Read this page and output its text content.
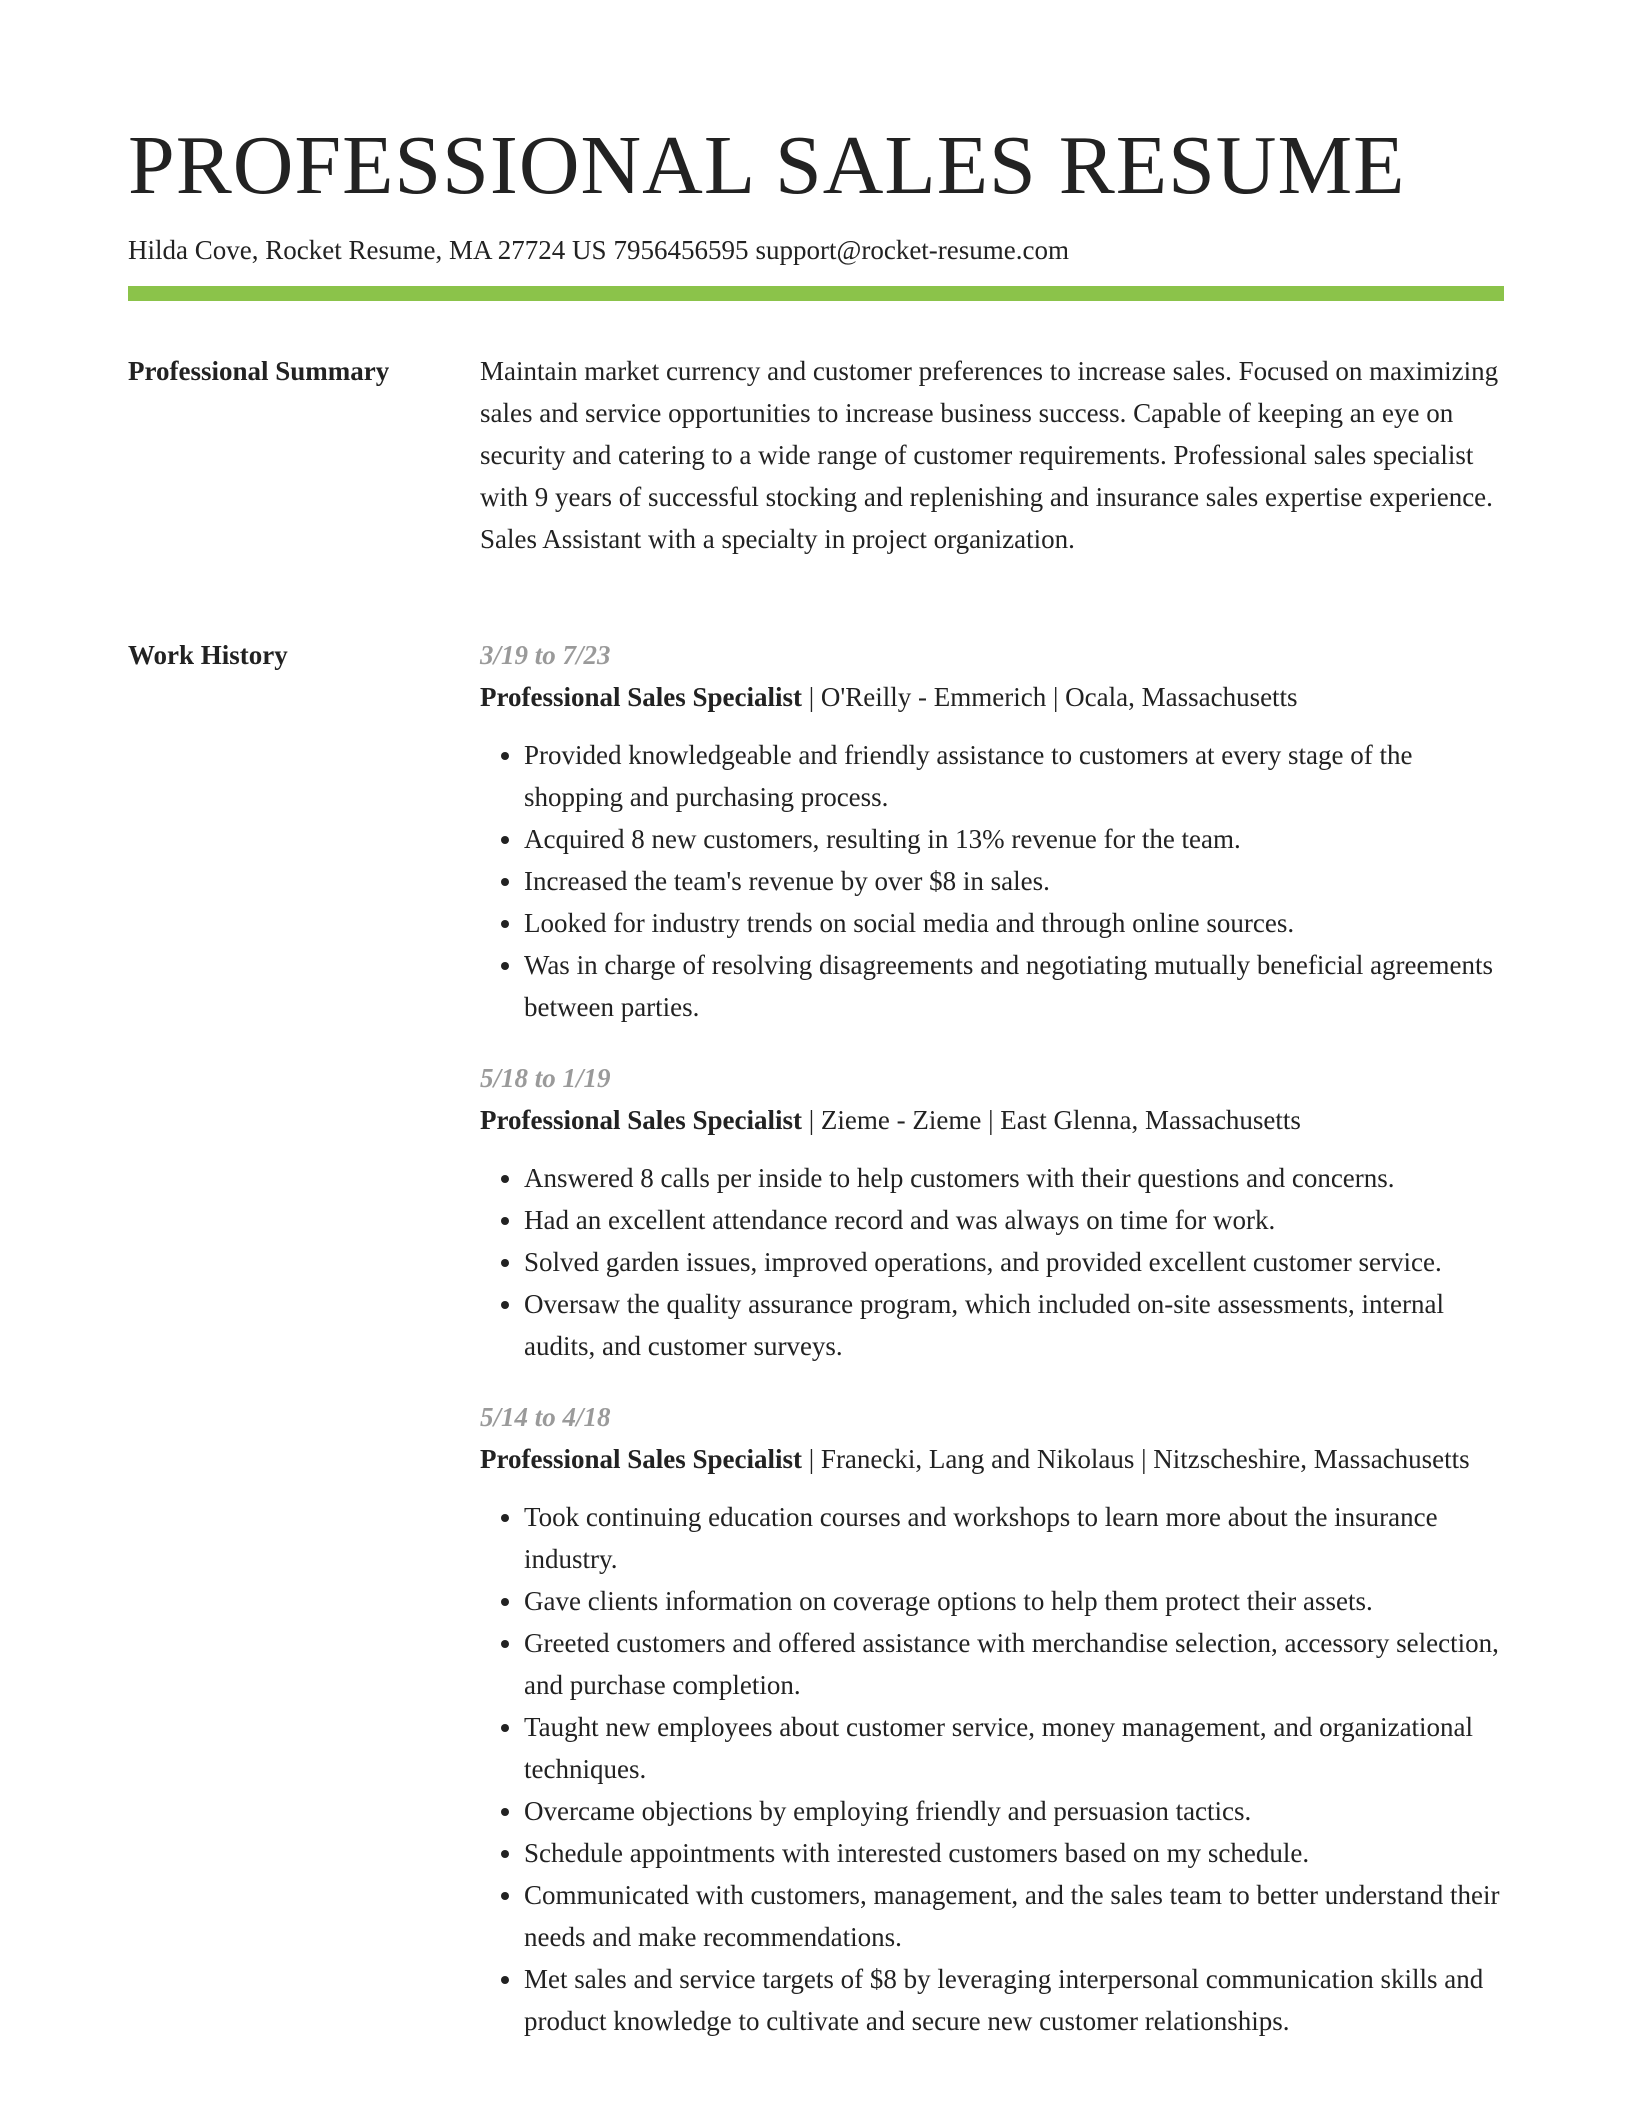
PROFESSIONAL SALES RESUME
Hilda Cove, Rocket Resume, MA 27724 US 7956456595 support@rocket-resume.com
Professional Summary	Maintain market currency and customer preferences to increase sales. Focused on maximizing sales and service opportunities to increase business success. Capable of keeping an eye on security and catering to a wide range of customer requirements. Professional sales specialist with 9 years of successful stocking and replenishing and insurance sales expertise experience. Sales Assistant with a specialty in project organization.
Work History	3/19 to 7/23
Professional Sales Specialist | O'Reilly - Emmerich | Ocala, Massachusetts
• Provided knowledgeable and friendly assistance to customers at every stage of the shopping and purchasing process.
• Acquired 8 new customers, resulting in 13% revenue for the team.
• Increased the team's revenue by over $8 in sales.
• Looked for industry trends on social media and through online sources.
• Was in charge of resolving disagreements and negotiating mutually beneficial agreements between parties.
5/18 to 1/19
Professional Sales Specialist | Zieme - Zieme | East Glenna, Massachusetts
• Answered 8 calls per inside to help customers with their questions and concerns.
• Had an excellent attendance record and was always on time for work.
• Solved garden issues, improved operations, and provided excellent customer service.
• Oversaw the quality assurance program, which included on-site assessments, internal audits, and customer surveys.
5/14 to 4/18
Professional Sales Specialist | Franecki, Lang and Nikolaus | Nitzscheshire, Massachusetts
• Took continuing education courses and workshops to learn more about the insurance industry.
• Gave clients information on coverage options to help them protect their assets.
• Greeted customers and offered assistance with merchandise selection, accessory selection, and purchase completion.
• Taught new employees about customer service, money management, and organizational techniques.
• Overcame objections by employing friendly and persuasion tactics.
• Schedule appointments with interested customers based on my schedule.
• Communicated with customers, management, and the sales team to better understand their needs and make recommendations.
• Met sales and service targets of $8 by leveraging interpersonal communication skills and product knowledge to cultivate and secure new customer relationships.
